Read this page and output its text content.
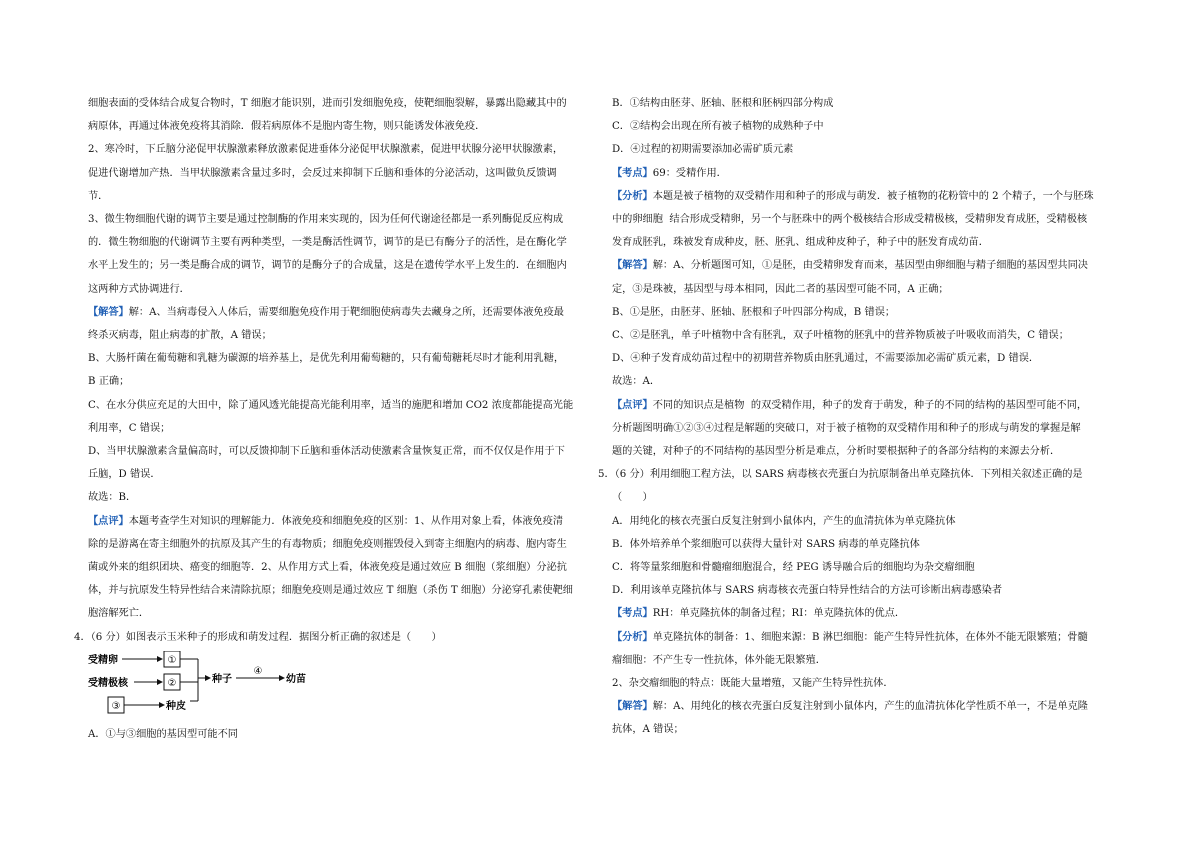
细胞表面的受体结合成复合物时，T 细胞才能识别，进而引发细胞免疫，使靶细胞裂解，暴露出隐藏其中的

病原体，再通过体液免疫将其消除．假若病原体不是胞内寄生物，则只能诱发体液免疫．

2、寒冷时，下丘脑分泌促甲状腺激素释放激素促进垂体分泌促甲状腺激素，促进甲状腺分泌甲状腺激素，

促进代谢增加产热．当甲状腺激素含量过多时，会反过来抑制下丘脑和垂体的分泌活动，这叫做负反馈调

节．

3、微生物细胞代谢的调节主要是通过控制酶的作用来实现的，因为任何代谢途径都是一系列酶促反应构成

的．微生物细胞的代谢调节主要有两种类型，一类是酶活性调节，调节的是已有酶分子的活性，是在酶化学

水平上发生的；另一类是酶合成的调节，调节的是酶分子的合成量，这是在遗传学水平上发生的．在细胞内

这两种方式协调进行．

【解答】解：A、当病毒侵入人体后，需要细胞免疫作用于靶细胞使病毒失去藏身之所，还需要体液免疫最

终杀灭病毒，阻止病毒的扩散，A 错误；

B、大肠杆菌在葡萄糖和乳糖为碳源的培养基上，是优先利用葡萄糖的，只有葡萄糖耗尽时才能利用乳糖，

B 正确；

C、在水分供应充足的大田中，除了通风透光能提高光能利用率，适当的施肥和增加 CO2 浓度都能提高光能

利用率，C 错误；

D、当甲状腺激素含量偏高时，可以反馈抑制下丘脑和垂体活动使激素含量恢复正常，而不仅仅是作用于下

丘脑，D 错误．

故选：B．

【点评】本题考查学生对知识的理解能力．体液免疫和细胞免疫的区别：1、从作用对象上看，体液免疫清

除的是游离在寄主细胞外的抗原及其产生的有毒物质；细胞免疫则摧毁侵入到寄主细胞内的病毒、胞内寄生

菌或外来的组织团块、癌变的细胞等．2、从作用方式上看，体液免疫是通过效应 B 细胞（浆细胞）分泌抗

体，并与抗原发生特异性结合来清除抗原；细胞免疫则是通过效应 T 细胞（杀伤 T 细胞）分泌穿孔素使靶细

胞溶解死亡．

4．（6 分）如图表示玉米种子的形成和萌发过程．据图分析正确的叙述是（　　）

受精卵
受精极核
①
②
③	种皮
种子
④
幼苗

A．①与③细胞的基因型可能不同

B．①结构由胚芽、胚轴、胚根和胚柄四部分构成

C．②结构会出现在所有被子植物的成熟种子中

D．④过程的初期需要添加必需矿质元素

【考点】69：受精作用．

【分析】本题是被子植物的双受精作用和种子的形成与萌发．被子植物的花粉管中的 2 个精子，一个与胚珠

中的卵细胞  结合形成受精卵，另一个与胚珠中的两个极核结合形成受精极核，受精卵发育成胚，受精极核

发育成胚乳，珠被发育成种皮，胚、胚乳、组成种皮种子，种子中的胚发育成幼苗．

【解答】解：A、分析题图可知，①是胚，由受精卵发育而来，基因型由卵细胞与精子细胞的基因型共同决

定，③是珠被，基因型与母本相同，因此二者的基因型可能不同，A 正确；

B、①是胚，由胚芽、胚轴、胚根和子叶四部分构成，B 错误；

C、②是胚乳，单子叶植物中含有胚乳，双子叶植物的胚乳中的营养物质被子叶吸收而消失，C 错误；

D、④种子发育成幼苗过程中的初期营养物质由胚乳通过，不需要添加必需矿质元素，D 错误．

故选：A．

【点评】不同的知识点是植物  的双受精作用，种子的发育于萌发，种子的不同的结构的基因型可能不同，

分析题图明确①②③④过程是解题的突破口，对于被子植物的双受精作用和种子的形成与萌发的掌握是解

题的关键，对种子的不同结构的基因型分析是难点，分析时要根据种子的各部分结构的来源去分析．

5．（6 分）利用细胞工程方法，以 SARS 病毒核衣壳蛋白为抗原制备出单克隆抗体．下列相关叙述正确的是

（　　）

A．用纯化的核衣壳蛋白反复注射到小鼠体内，产生的血清抗体为单克隆抗体

B．体外培养单个浆细胞可以获得大量针对 SARS 病毒的单克隆抗体

C．将等量浆细胞和骨髓瘤细胞混合，经 PEG 诱导融合后的细胞均为杂交瘤细胞

D．利用该单克隆抗体与 SARS 病毒核衣壳蛋白特异性结合的方法可诊断出病毒感染者

【考点】RH：单克隆抗体的制备过程；RI：单克隆抗体的优点．

【分析】单克隆抗体的制备：1、细胞来源：B 淋巴细胞：能产生特异性抗体，在体外不能无限繁殖；骨髓

瘤细胞：不产生专一性抗体，体外能无限繁殖．

2、杂交瘤细胞的特点：既能大量增殖，又能产生特异性抗体．

【解答】解：A、用纯化的核衣壳蛋白反复注射到小鼠体内，产生的血清抗体化学性质不单一，不是单克隆

抗体，A 错误；
